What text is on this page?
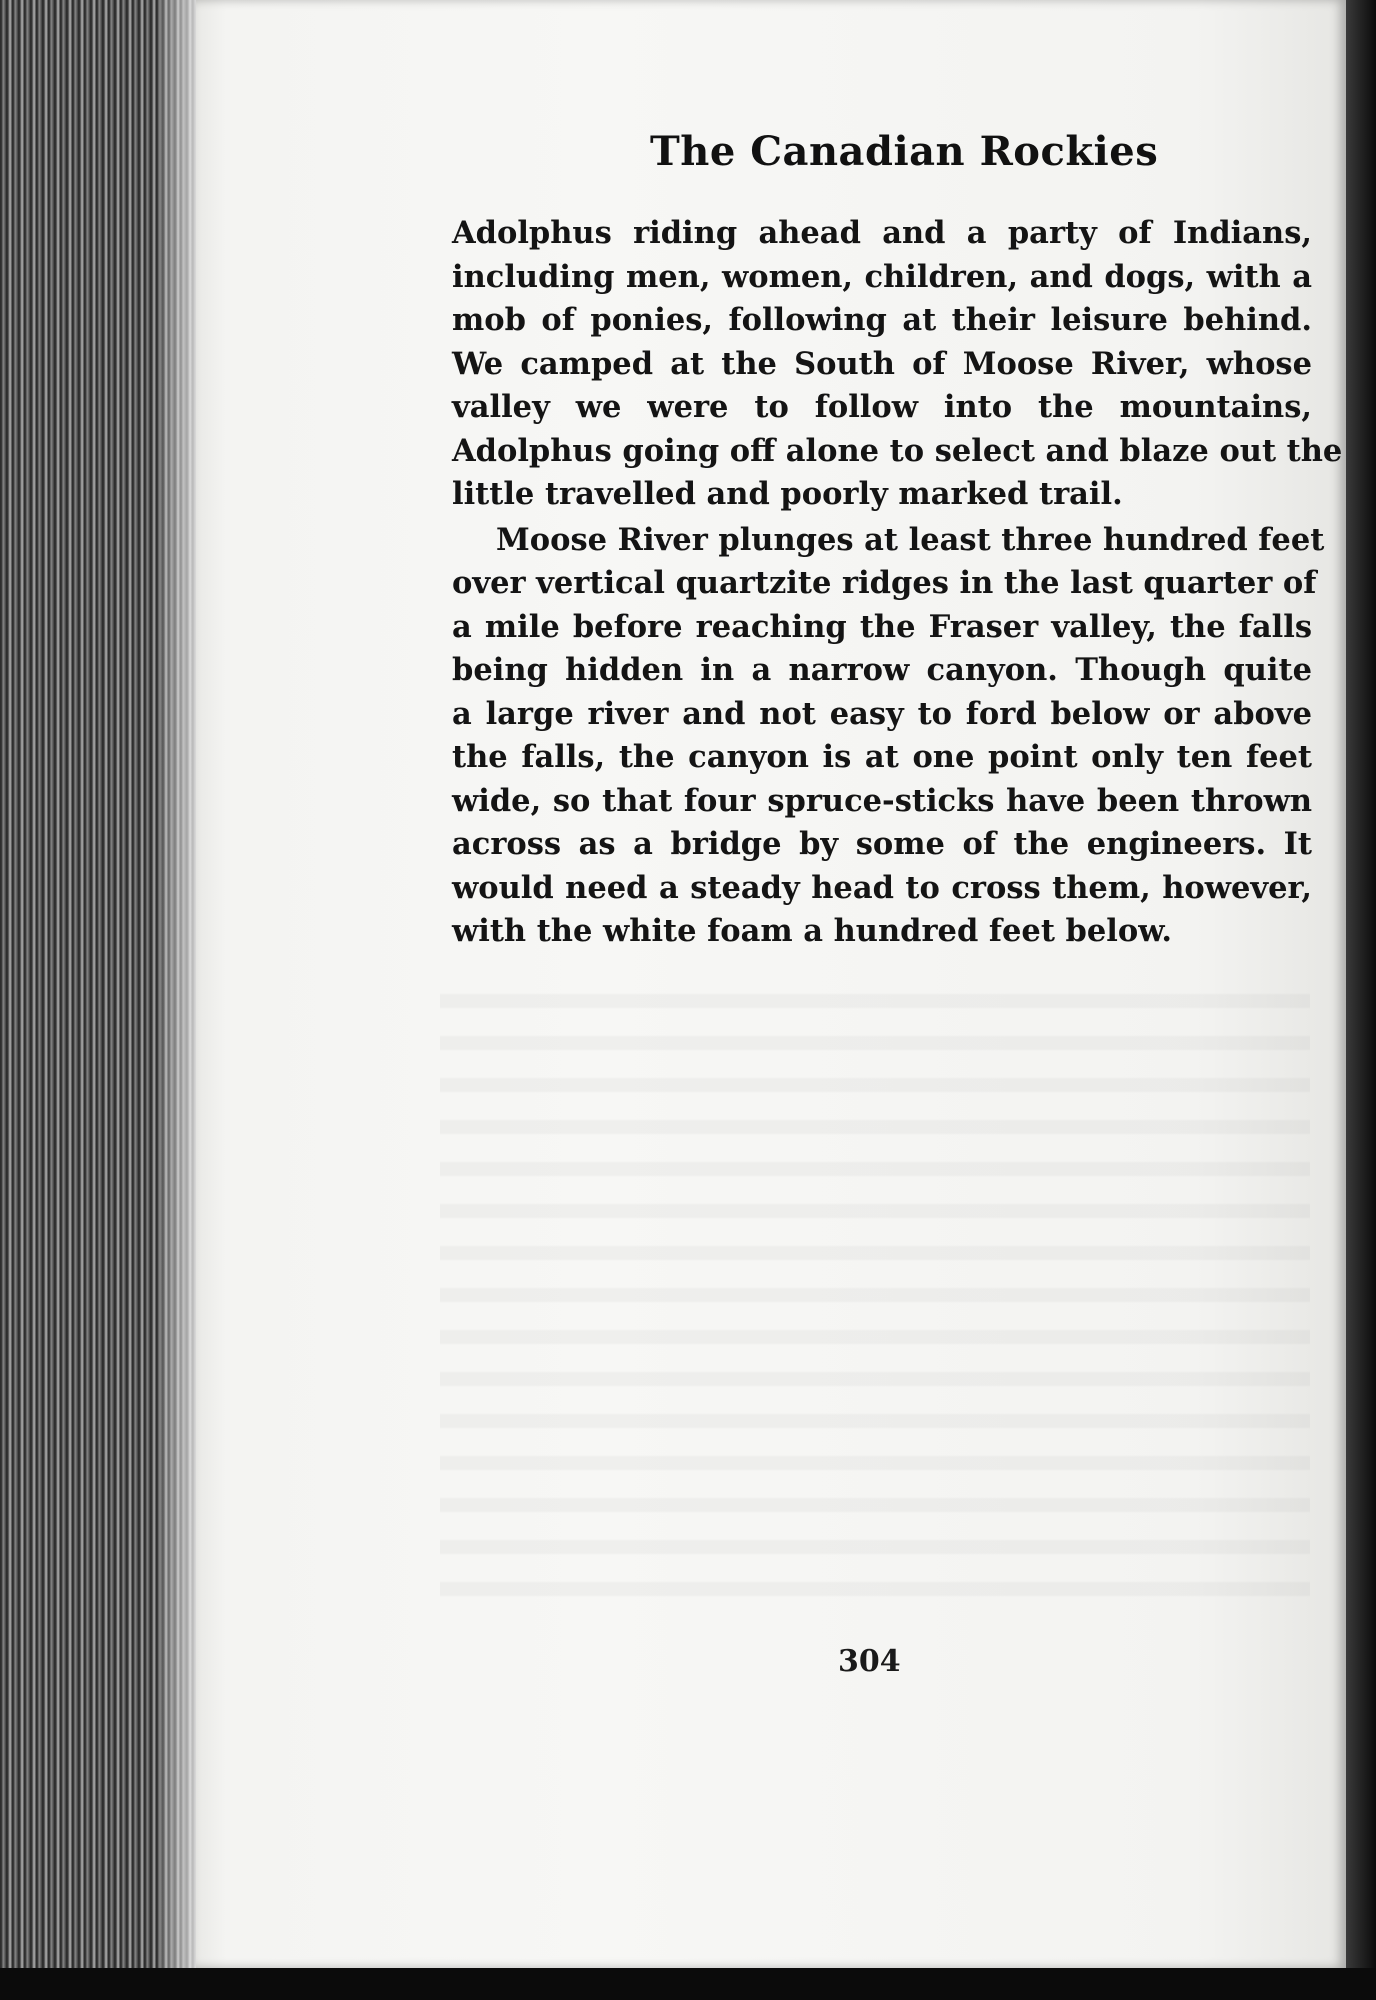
The Canadian Rockies

Adolphus riding ahead and a party of Indians,
including men, women, children, and dogs, with a
mob of ponies, following at their leisure behind.
We camped at the South of Moose River, whose
valley we were to follow into the mountains,
Adolphus going off alone to select and blaze out the
little travelled and poorly marked trail.

Moose River plunges at least three hundred feet
over vertical quartzite ridges in the last quarter of
a mile before reaching the Fraser valley, the falls
being hidden in a narrow canyon. Though quite
a large river and not easy to ford below or above
the falls, the canyon is at one point only ten feet
wide, so that four spruce-sticks have been thrown
across as a bridge by some of the engineers. It
would need a steady head to cross them, however,
with the white foam a hundred feet below.

304
